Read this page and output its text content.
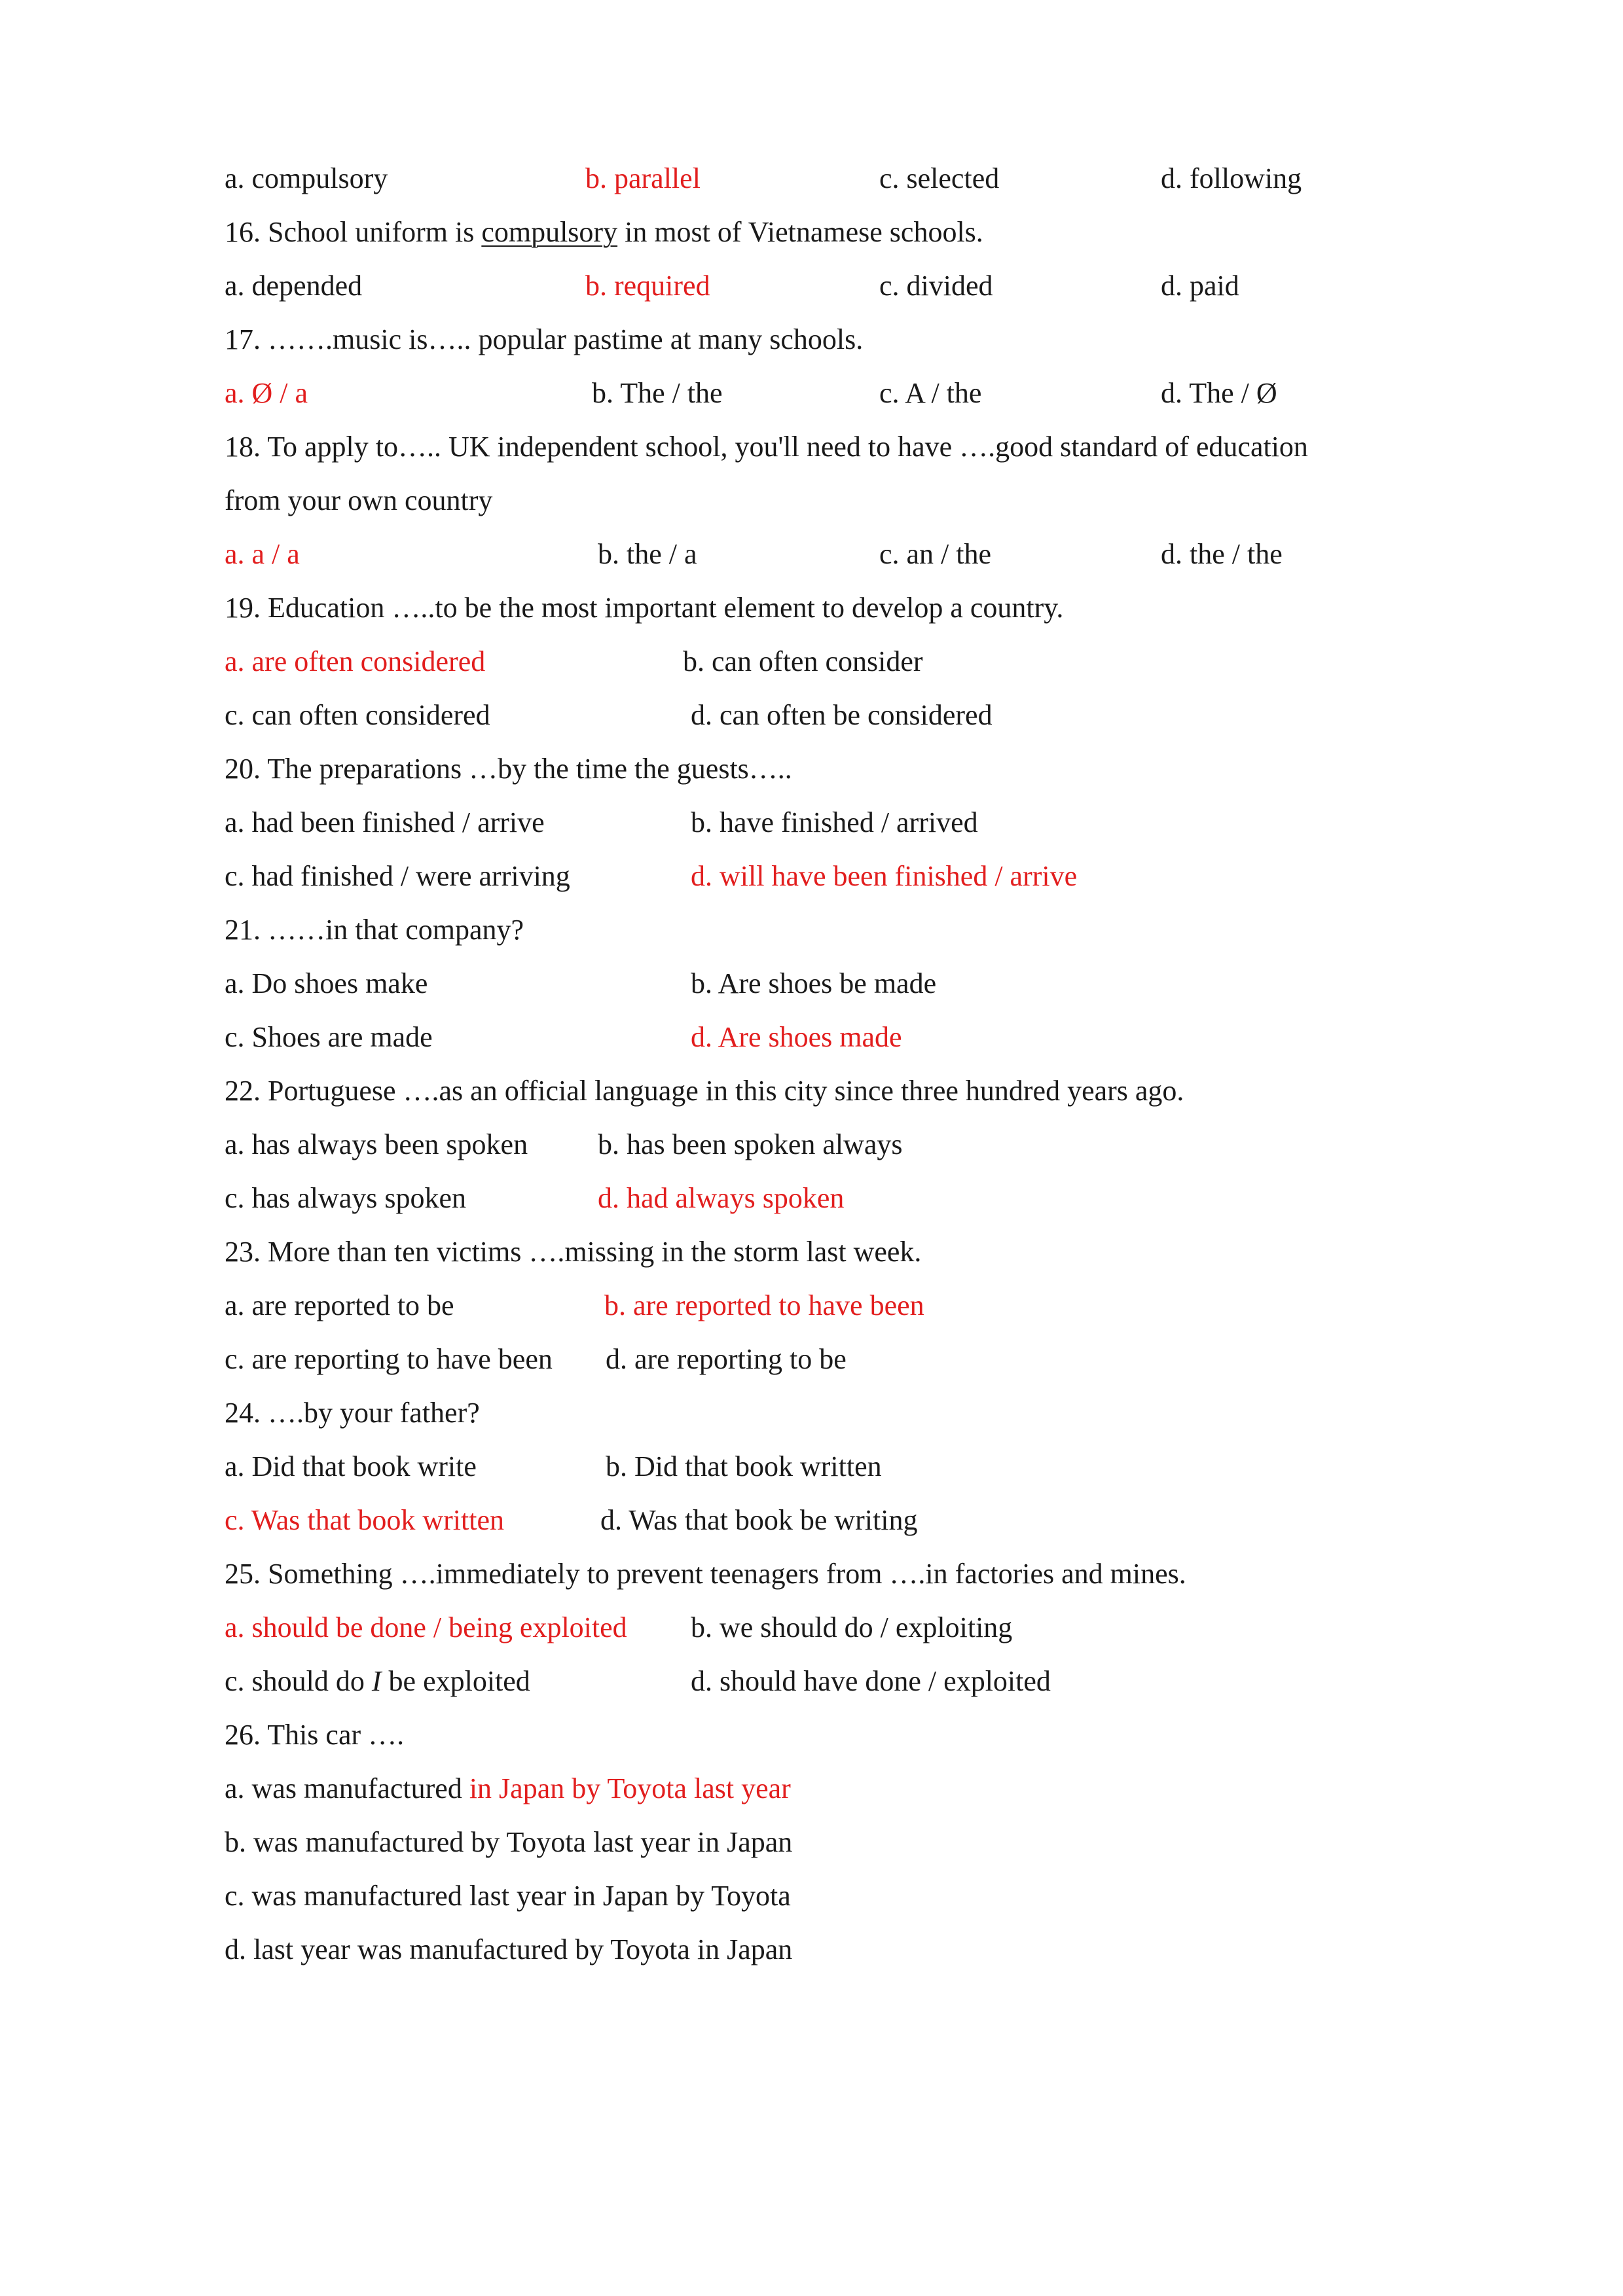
a. compulsory	b. parallel	c. selected	d. following
16. School uniform is compulsory in most of Vietnamese schools.
a. depended	b. required	c. divided	d. paid
17. …….music is….. popular pastime at many schools.
a. Ø / a	b. The / the	c. A / the	d. The / Ø
18. To apply to….. UK independent school, you'll need to have ….good standard of education
from your own country
a. a / a	b. the / a	c. an / the	d. the / the
19. Education …..to be the most important element to develop a country.
a. are often considered	b. can often consider
c. can often considered	d. can often be considered
20. The preparations …by the time the guests…..
a. had been finished / arrive	b. have finished / arrived
c. had finished / were arriving	d. will have been finished / arrive
21. ……in that company?
a. Do shoes make	b. Are shoes be made
c. Shoes are made	d. Are shoes made
22. Portuguese ….as an official language in this city since three hundred years ago.
a. has always been spoken b. has been spoken always
c. has always spoken	d. had always spoken
23. More than ten victims ….missing in the storm last week.
a. are reported to be	b. are reported to have been
c. are reporting to have been d. are reporting to be
24. ….by your father?
a. Did that book write	b. Did that book written
c. Was that book written	d. Was that book be writing
25. Something ….immediately to prevent teenagers from ….in factories and mines.
a. should be done / being exploited b. we should do / exploiting
c. should do I be exploited	d. should have done / exploited
26. This car ….
a. was manufactured in Japan by Toyota last year
b. was manufactured by Toyota last year in Japan
c. was manufactured last year in Japan by Toyota
d. last year was manufactured by Toyota in Japan
